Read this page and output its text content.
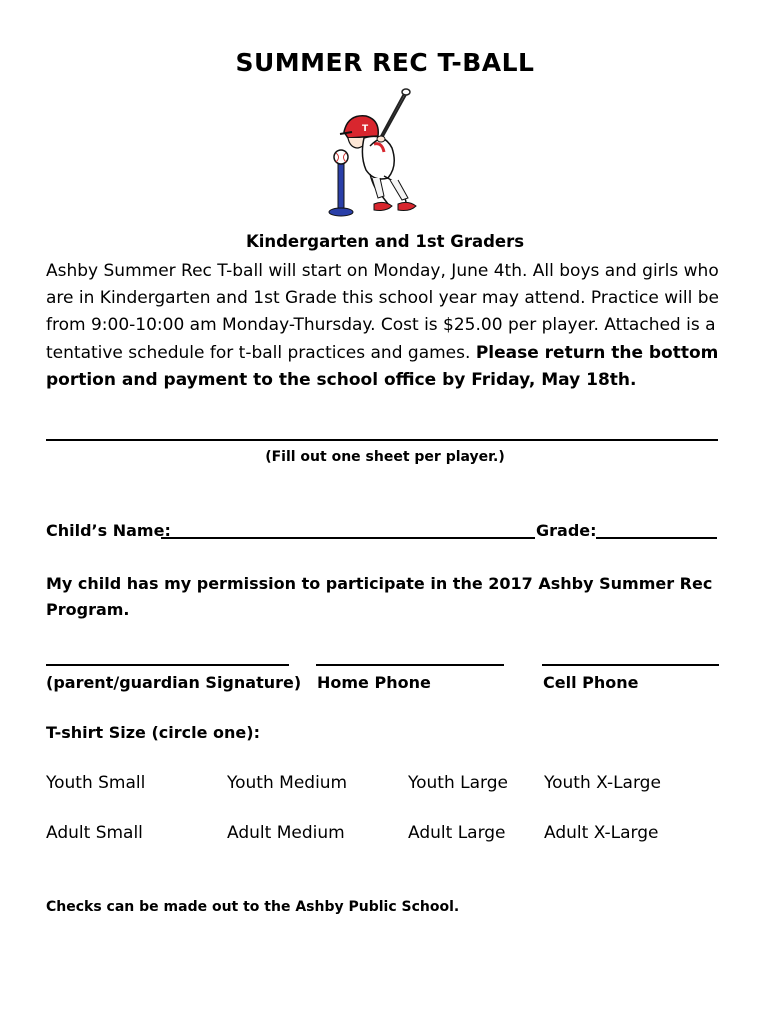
SUMMER REC T-BALL
T
Kindergarten and 1st Graders
Ashby Summer Rec T-ball will start on Monday, June 4th. All boys and girls who are in Kindergarten and 1st Grade this school year may attend. Practice will be from 9:00-10:00 am Monday-Thursday. Cost is $25.00 per player. Attached is a tentative schedule for t-ball practices and games. Please return the bottom portion and payment to the school office by Friday, May 18th.
(Fill out one sheet per player.)
Child’s Name:	Grade:
My child has my permission to participate in the 2017 Ashby Summer Rec Program.
(parent/guardian Signature) Home Phone	Cell Phone
T-shirt Size (circle one):
Youth Small	Youth Medium	Youth Large Youth X-Large
Adult Small	Adult Medium	Adult Large Adult X-Large
Checks can be made out to the Ashby Public School.
